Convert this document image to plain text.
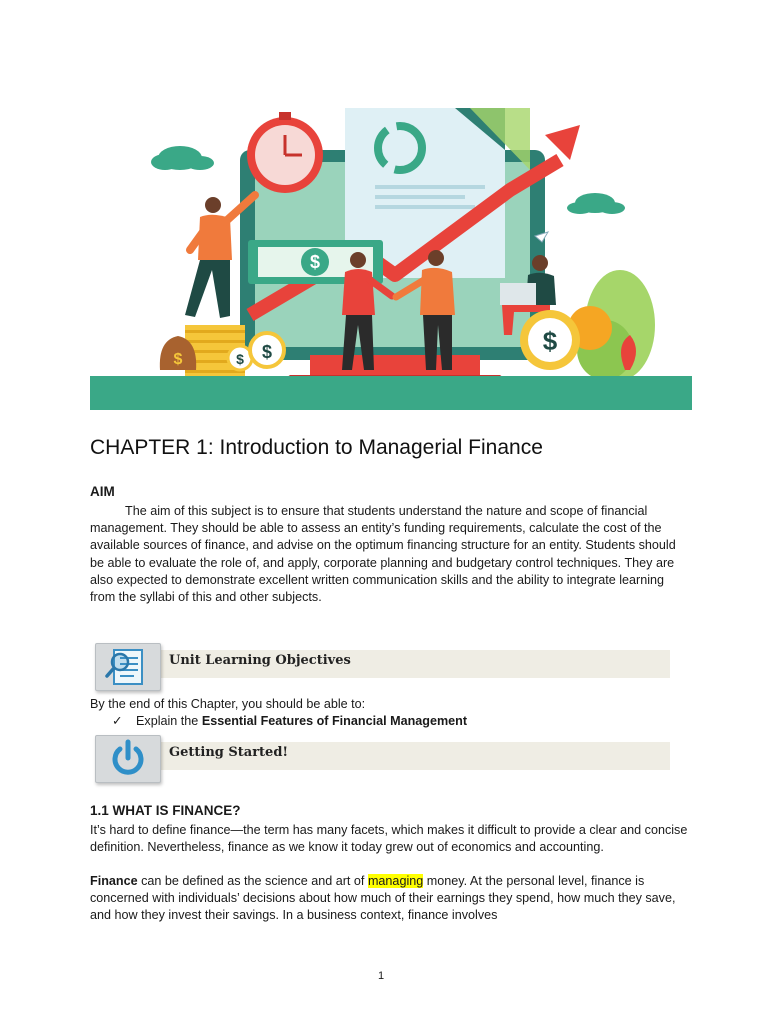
$
$	$ $	$
CHAPTER 1: Introduction to Managerial Finance
AIM

The aim of this subject is to ensure that students understand the nature and scope of financial management. They should be able to assess an entity’s funding requirements, calculate the cost of the available sources of finance, and advise on the optimum financing structure for an entity. Students should be able to evaluate the role of, and apply, corporate planning and budgetary control techniques. They are also expected to demonstrate excellent written communication skills and the ability to integrate learning from the syllabi of this and other subjects.

Unit Learning Objectives

By the end of this Chapter, you should be able to:

✓ Explain the Essential Features of Financial Management

Getting Started!
1.1 WHAT IS FINANCE?

It’s hard to define finance—the term has many facets, which makes it difficult to provide a clear and concise definition. Nevertheless, finance as we know it today grew out of economics and accounting.

Finance can be defined as the science and art of managing money. At the personal level, finance is concerned with individuals’ decisions about how much of their earnings they spend, how much they save, and how they invest their savings. In a business context, finance involves

1
